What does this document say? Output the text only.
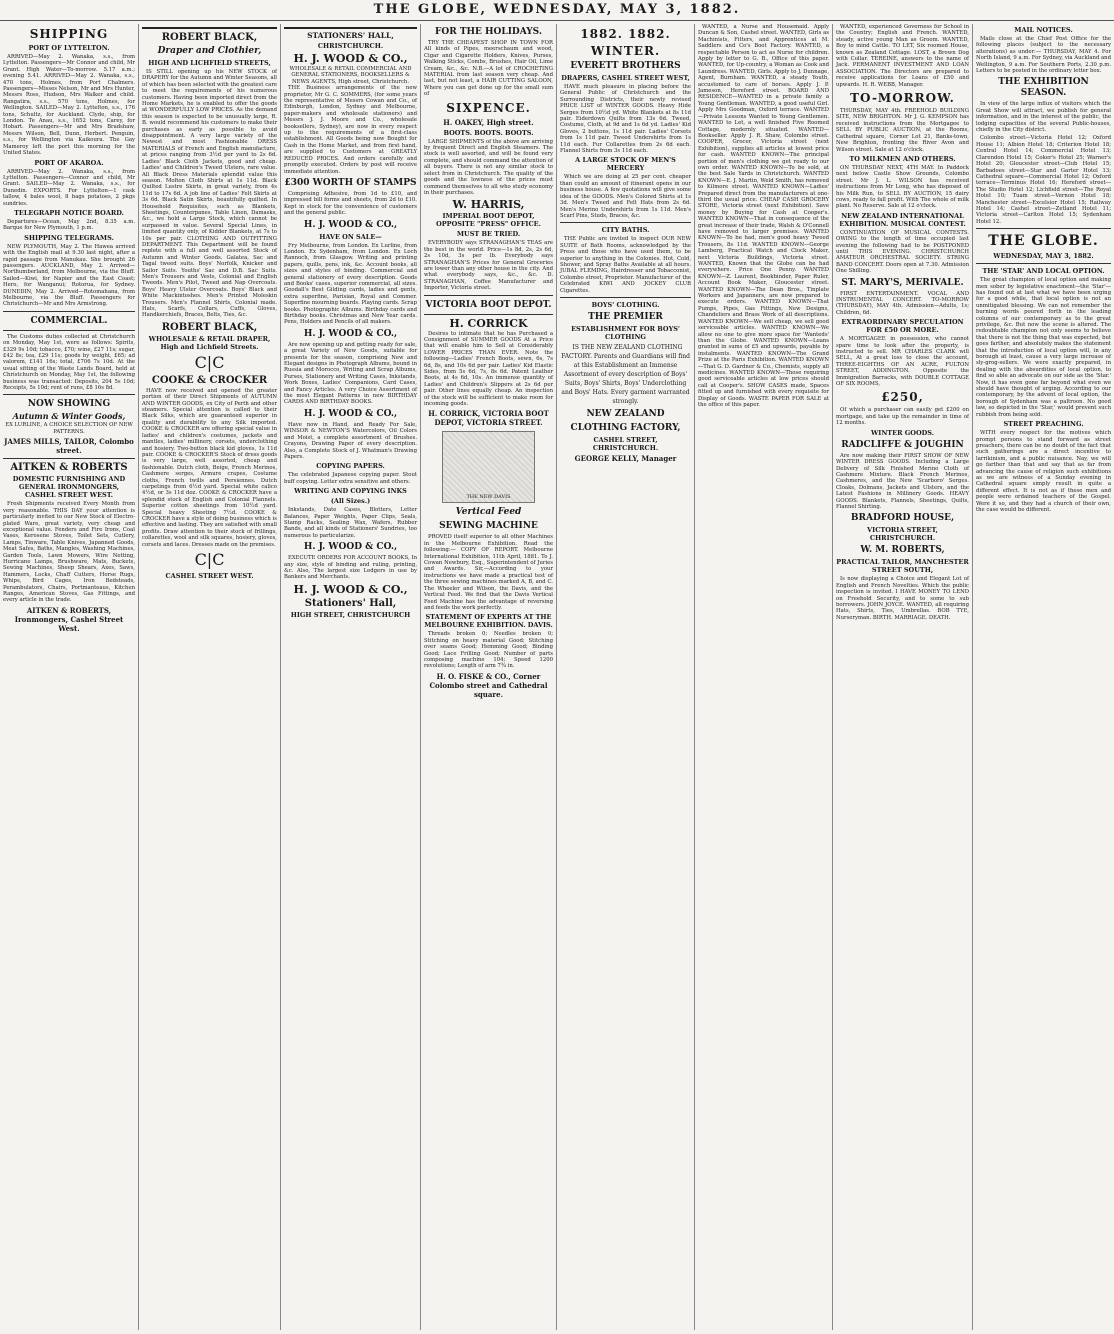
THE GLOBE, WEDNESDAY, MAY 3, 1882.
SHIPPING
PORT OF LYTTELTON.
ARRIVED—May 2. Wanaka, s.s., from Lyttelton. Passengers—Mr Connor and child, Mr Grant. High Water—To-morrow. 5.17 a.m.; evening 5.41. ARRIVED—May 2. Wanaka, s.s., 470 tons, Holmes, from Port Chalmers. Passengers—Misses Nelson, Mr and Mrs Hunter, Messrs Ross, Hudson, Mrs Walker and child. Rangatira, s.s., 570 tons, Holmes, for Wellington. SAILED—May 2. Lyttelton, s.s., 176 tons, Schultz, for Auckland. Clyde, ship, for London. Te Anau, s.s., 1652 tons, Carey, for Hobart. Passengers—Mr and Mrs Bradshaw, Messrs Wilson, Bell, Dunn, Herbert. Penguin, s.s., for Wellington via Kaikoura. The Gay Mameroy left the port this morning for the United States.
PORT OF AKAROA.
ARRIVED—May 2. Wanaka, s.s., from Lyttelton. Passengers—Connor and child, Mr Grant. SAILED—May 2. Wanaka, s.s., for Dunedin. EXPORTS. For Lyttelton—1 cask tallow, 4 bales wool, 8 bags potatoes, 2 pkgs sundries.
TELEGRAPH NOTICE BOARD.
Departures—Ocean, May 2nd, 8.35 a.m. Barque for New Plymouth, 1 p.m.
SHIPPING TELEGRAMS.
NEW PLYMOUTH, May 2. The Hawea arrived with the English mail at 9.30 last night, after a rapid passage from Manukau. She brought 26 passengers. AUCKLAND, May 2. Arrived—Northumberland, from Melbourne, via the Bluff. Sailed—Kiwi, for Napier and the East Coast; Hero, for Wanganui; Rotorua, for Sydney. DUNEDIN, May 2. Arrived—Rotomahana, from Melbourne, via the Bluff. Passengers for Christchurch—Mr and Mrs Armstrong.
COMMERCIAL.
The Customs duties collected at Christchurch on Monday, May 1st, were as follows: Spirits, £329 9s 10d; tobacco, £70; wine, £27 11s; sugar, £42 8s; tea, £29 11s; goods by weight, £65; ad valorem, £141 16s; total, £706 7s 10d. At the usual sitting of the Waste Lands Board, held at Christchurch on Monday, May 1st, the following business was transacted: Deposits, 204 5s 10d; Receipts, 5s 10d; rent of runs, £8 16s 8d.
NOW SHOWING
Autumn & Winter Goods,
EX LURLINE, A CHOICE SELECTION OF NEW PATTERNS.
JAMES MILLS, TAILOR, Colombo street.
AITKEN & ROBERTS
DOMESTIC FURNISHING AND GENERAL IRONMONGERS, CASHEL STREET WEST.
Fresh Shipments received Every Month from very reasonable. THIS DAY your attention is particularly invited to our New Stock of Electro-plated Ware, great variety, very cheap and exceptional value. Fenders and Fire Irons, Coal Vases, Kerosene Stoves, Toilet Sets, Cutlery, Lamps, Tinware, Table Knives, Japanned Goods, Meat Safes, Baths, Mangles, Washing Machines, Garden Tools, Lawn Mowers, Wire Netting, Hurricane Lamps, Brushware, Mats, Buckets, Sewing Machines, Sheep Shears, Axes, Saws, Hammers, Locks, Chaff Cutters, Horse Rugs, Whips, Bird Cages, Iron Bedsteads, Perambulators, Chairs, Portmanteaus, Kitchen Ranges, American Stoves, Gas Fittings, and every article in the trade.
AITKEN & ROBERTS, Ironmongers, Cashel Street West.
ROBERT BLACK,
Draper and Clothier,
HIGH AND LICHFIELD STREETS,
IS STILL opening up his NEW STOCK of DRAPERY for the Autumn and Winter Seasons, all of which has been selected with the greatest care to meet the requirements of his numerous customers. Having been imported direct from the Home Markets, he is enabled to offer the goods at WONDERFULLY LOW PRICES. As the demand this season is expected to be unusually large, R. B. would recommend his customers to make their purchases as early as possible to avoid disappointment. A very large variety of the Newest and most Fashionable DRESS MATERIALS of French and English manufacture, at prices ranging from 3½d per yard to 2s 6d. Ladies' Black Cloth Jackets, good and cheap. Ladies' and Children's Tweed Ulsters, rare value. All Black Dress Materials splendid value this season. Molton Cloth Shirts at 1s 11d. Black Quilted Lustre Skirts, in great variety, from 4s 11d to 17s 6d. A job line of Ladies' Felt Skirts at 3s 6d. Black Satin Skirts, beautifully quilted. In Household Requisites, such as Blankets, Sheetings, Counterpanes, Table Linen, Damasks, &c., we hold a Large Stock, which cannot be surpassed in value. Several Special Lines, in limited quantity only, of Kidder Blankets, at 7s to 10s per pair. CLOTHING AND OUTFITTING DEPARTMENT. This Department will be found replete with a full and well assorted Stock of Autumn and Winter Goods. Galatea, Sac and Tagal tweed suits. Boys' Norfolk, Knicker and Sailor Suits. Youths' Sac and D.B. Sac Suits. Men's Trousers and Vests, Colonial and English Tweeds. Men's Pilot, Tweed and Nap Overcoats. Boys' Heavy Ulster Overcoats. Boys' Black and White Mackintoshes. Men's Printed Moleskin Trousers. Men's Flannel Shirts, Colonial made. Hats, Scarfs, Collars, Cuffs, Gloves, Handkerchiefs, Braces, Belts, Ties, &c.
ROBERT BLACK,
WHOLESALE & RETAIL DRAPER, High and Lichfield Streets.
C|C
COOKE & CROCKER
HAVE now received and opened the greater portion of their Direct Shipments of AUTUMN AND WINTER GOODS, ex City of Perth and other steamers. Special attention is called to their Black Silks, which are guaranteed superior in quality and durability to any Silk imported. COOKE & CROCKER are offering special value in ladies' and children's costumes, jackets and mantles, ladies' millinery, corsets, underclothing and hosiery. Two-button black kid gloves, 1s 11d pair. COOKE & CROCKER'S Stock of dress goods is very large, well assorted, cheap and fashionable. Dutch cloth, Beige, French Merinos, Cashmere serges, Armure crapes, Costume cloths, French twills and Persiennes. Dutch carpetings from 6½d yard. Special white calico 4½d, or 3s 11d doz. COOKE & CROCKER have a splendid stock of English and Colonial Flannels. Superior cotton sheetings from 10½d yard. Special heavy Sheeting 7½d. COOKE & CROCKER have a style of doing business which is effective and lasting. They are satisfied with small profits. Draw attention to their stock of frillings, collarettes, wool and silk squares, hosiery, gloves, corsets and laces. Dresses made on the premises.
C|C
CASHEL STREET WEST.
STATIONERS' HALL,
CHRISTCHURCH.
H. J. WOOD & CO.,
WHOLESALE & RETAIL COMMERCIAL AND GENERAL STATIONERS, BOOKSELLERS & NEWS AGENTS, High street, Christchurch.
THE Business arrangements of the new proprietor, Mr G. C. SOMMERS, (for some years the representative of Messrs Cowan and Co., of Edinburgh, London, Sydney and Melbourne, paper-makers and wholesale stationers) and Messrs J. J. Moore and Co., wholesale booksellers, Sydney), are now in every respect up to the requirements of a first-class establishment. All Goods being now Bought for Cash in the Home Market, and from first hand, are supplied to Customers at GREATLY REDUCED PRICES. And orders carefully and promptly executed. Orders by post will receive immediate attention.
£300 WORTH OF STAMPS
Comprising Adhesive, from 1d to £10, and impressed bill forms and sheets, from 2d to £10. Kept in stock for the convenience of customers and the general public.
H. J. WOOD & CO.,
HAVE ON SALE—
Fry Melbourne, from London. Ex Lurline, from London. Ex Sydenham, from London. Ex Loch Rannoch, from Glasgow. Writing and printing papers, quills, pens, ink, &c. Account books, all sizes and styles of binding. Commercial and general stationery of every description. Goods and Books' cases, superior commercial, all sizes. Goodall's Best Gilding cards, ladies and gents, extra superfine, Parisian, Royal and Commer. Superfine mourning boards. Playing cards. Scrap books. Photographic Albums. Birthday cards and Birthday books. Christmas and New Year cards. Pens, Holders and Pencils of all makers.
H. J. WOOD & CO.,
Are now opening up and getting ready for sale, a great Variety of New Goods, suitable for presents for the season, comprising New and Elegant designs in Photograph Albums, bound in Russia and Morocco, Writing and Scrap Albums, Purses, Stationery and Writing Cases, Inkstands, Work Boxes, Ladies' Companions, Card Cases, and Fancy Articles. A very Choice Assortment of the most Elegant Patterns in new BIRTHDAY CARDS AND BIRTHDAY BOOKS.
H. J. WOOD & CO.,
Have now in Hand, and Ready For Sale, WINSOR & NEWTON'S Watercolors, Oil Colors and Moist, a complete assortment of Brushes. Crayons, Drawing Paper of every description. Also, a Complete Stock of J. Whatman's Drawing Papers.
COPYING PAPERS.
The celebrated Japanese copying paper. Stout buff copying. Letter extra sensitive and others.
WRITING AND COPYING INKS
(All Sizes.)
Inkstands, Date Cases, Blotters, Letter Balances, Paper Weights, Paper Clips, Seals, Stamp Racks, Sealing Wax, Wafers, Rubber Bands, and all kinds of Stationers' Sundries, too numerous to particularize.
H. J. WOOD & CO.,
EXECUTE ORDERS FOR ACCOUNT BOOKS, In any size, style of binding and ruling, printing, &c. Also, The largest size Ledgers in use by Bankers and Merchants.
H. J. WOOD & CO.,
Stationers' Hall,
HIGH STREET, CHRISTCHURCH
FOR THE HOLIDAYS.
TRY THE CHEAPEST SHOP IN TOWN FOR All kinds of Pipes, meerschaum and wood, Cigar and Cigarette Holders, Knives, Purses, Walking Sticks, Combs, Brushes, Hair Oil, Lime Cream, &c., &c. N.B.—A lot of CROCHETING MATERIAL from last season very cheap. And last, but not least, a HAIR CUTTING SALOON, Where you can get done up for the small sum of
SIXPENCE.
H. OAKEY, High street.
BOOTS. BOOTS. BOOTS.
LARGE SHIPMENTS of the above are arriving by frequent Direct and English Steamers. The stock is well assorted, and will be found very complete, and should command the attention of all buyers. There is not any similar stock to select from in Christchurch. The quality of the goods and the lowness of the prices must commend themselves to all who study economy in their purchases.
W. HARRIS,
IMPERIAL BOOT DEPOT, OPPOSITE "PRESS" OFFICE.
MUST BE TRIED.
EVERYBODY says STRANAGHAN'S TEAS are the best in the world. Price—1s 8d, 2s, 2s 6d, 2s 10d, 3s per lb. Everybody says STRANAGHAN'S Prices for General Groceries are lower than any other house in the city. And what everybody says, &c., &c. D. STRANAGHAN, Coffee Manufacturer and Importer, Victoria street.
VICTORIA BOOT DEPOT.
H. CORRICK
Desires to intimate that he has Purchased a Consignment of SUMMER GOODS At a Price that will enable him to Sell at Considerably LOWER PRICES THAN EVER. Note the following—Ladies' French Boots, sewn, 6s, 7s 6d, 8s, and 10s 6d per pair. Ladies' Kid Elastic Sides, from 5s 6d, 7s, 8s 6d. Patent Leather Boots, at 4s 6d, 10s. An immense quantity of Ladies' and Children's Slippers at 2s 6d per pair. Other lines equally cheap. An inspection of the stock will be sufficient to make room for incoming goods.
H. CORRICK, VICTORIA BOOT DEPOT, VICTORIA STREET.
THE NEW DAVIS
Vertical Feed
SEWING MACHINE
PROVED itself superior to all other Machines in the Melbourne Exhibition. Read the following:— COPY OF REPORT. Melbourne International Exhibition, 11th April, 1881. To J. Cowan Newbury, Esq., Superintendent of Juries and Awards. Sir,—According to your instructions we have made a practical test of the three sewing machines marked A, B, and C. The Wheeler and Wilson, the Davis, and the Vertical Feed. We find that the Davis Vertical Feed Machine has the advantage of reversing and feeds the work perfectly.
STATEMENT OF EXPERTS AT THE MELBOURNE EXHIBITION. DAVIS.
Threads broken 0; Needles broken 0; Stitching on heavy material Good; Stitching over seams Good; Hemming Good; Binding Good; Lace Frilling Good; Number of parts composing machine 104; Speed 1200 revolutions; Length of arm 7¾ in.
H. O. FISKE & CO., Corner Colombo street and Cathedral square.
1882. 1882.
WINTER.
EVERETT BROTHERS
DRAPERS, CASHEL STREET WEST,
HAVE much pleasure in placing before the General Public of Christchurch and the Surrounding Districts, their newly revised PRICE LIST of WINTER GOODS. Heavy Hide Serges from 10½d yd. White Blankets at 8s 11d pair. Eiderdown Quilts from 13s 6d. Tweed, Costume, Cloth, at 9d and 1s 6d yd. Ladies' Kid Gloves, 2 buttons, 1s 11d pair. Ladies' Corsets from 1s 11d pair. Tweed Undershirts from 1s 11d each. Fur Collarettes from 2s 6d each. Flannel Shirts from 3s 11d each.
A LARGE STOCK OF MEN'S MERCERY
Which we are doing at 25 per cent. cheaper than could an amount of itinerant opens in our business house. A few quotations will give some idea of the GOODS. Men's Colored Shirts at 1s 3d. Men's Tweed and Felt Hats from 2s 6d. Men's Merino Undershirts from 1s 11d. Men's Scarf Pins, Studs, Braces, &c.
CITY BATHS.
THE Public are invited to inspect OUR NEW SUITE of Bath Rooms, acknowledged by the Press and those who have used them, to be superior to anything in the Colonies. Hot, Cold, Shower, and Spray Baths Available at all hours. JUBAL FLEMING, Hairdresser and Tobacconist, Colombo street, Proprietor. Manufacturer of the Celebrated KIWI AND JOCKEY CLUB Cigarettes.
BOYS' CLOTHING.
THE PREMIER
ESTABLISHMENT FOR BOYS' CLOTHING
IS THE NEW ZEALAND CLOTHING FACTORY. Parents and Guardians will find at this Establishment an Immense Assortment of every description of Boys' Suits, Boys' Shirts, Boys' Underclothing and Boys' Hats. Every garment warranted strongly.
NEW ZEALAND
CLOTHING FACTORY,
CASHEL STREET, CHRISTCHURCH.
GEORGE KELLY, Manager
WANTED, a Nurse and Housemaid. Apply Duncan & Son, Cashel street. WANTED, Girls as Machinists, Fitters, and Apprentices at M. Saddlers and Co's Boot Factory. WANTED, a respectable Person to act as Nurse for children. Apply by letter to G. B., Office of this paper. WANTED, for Up-country, a Woman as Cook and Laundress. WANTED, Girls. Apply to J. Dunnage, Agent, Burnham. WANTED, a steady Youth, accustomed to care of horses. Apply J. P. Jameson, Hereford street. BOARD AND RESIDENCE—WANTED in a private family a Young Gentleman. WANTED, a good useful Girl. Apply Mrs Goodman, Oxford terrace. WANTED—Private Lessons Wanted to Young Gentlemen. WANTED to Let, a well finished Five Roomed Cottage, modernly situated. WANTED—Bookseller. Apply J. R. Shaw, Colombo street. COOPER, Grocer, Victoria street (next Exhibition), supplies all articles at lowest price for cash. WANTED KNOWN—The principal portion of men's clothing we get ready to our own order. WANTED KNOWN—To be sold, at the best Sale Yards in Christchurch. WANTED KNOWN—E. J. Martin, Weld Smith, has removed to Kilmore street. WANTED KNOWN—Ladies' Prepared direct from the manufacturers at one-third the usual price. CHEAP CASH GROCERY STORE, Victoria street (next Exhibition). Save money by Buying for Cash at Cooper's. WANTED KNOWN—That in consequence of the great increase of their trade, Walsh & O'Connell have removed to larger premises. WANTED KNOWN—To be had, men's good heavy Tweed Trousers, 8s 11d. WANTED KNOWN—George Lamberg, Practical Watch and Clock Maker, next Victoria Buildings, Victoria street. WANTED, Known that the Globe can be had everywhere. Price One Penny. WANTED KNOWN—Z. Laurent, Bookbinder, Paper Ruler, Account Book Maker, Gloucester street. WANTED KNOWN—The Dean Bros., Tinplate Workers and Japanners, are now prepared to execute orders. WANTED KNOWN—That Pumps, Pipes, Gas Fittings, New Designs, Chandeliers and Brass Work of all descriptions. WANTED KNOWN—We sell cheap, we sell good serviceable articles. WANTED KNOWN—We allow no one to give more space for 'Wanteds' than the Globe. WANTED KNOWN—Loans granted in sums of £5 and upwards, payable by instalments. WANTED KNOWN—The Grand Prize at the Paris Exhibition. WANTED KNOWN—That G. D. Gardner & Co., Chemists, supply all medicines. WANTED KNOWN—Those requiring good serviceable articles at low prices should call at Cooper's. SHOW CASES made, Spaces fitted up and furnished with every requisite for Display of Goods. WASTE PAPER FOR SALE at the office of this paper.
WANTED, experienced Governess for School in the Country; English and French. WANTED, steady, active young Man as Groom. WANTED, Boy to mind Cattle. TO LET, Six roomed House, known as Zealand Cottage. LOST, a Brown Dog with Collar. TEREINE, answers to the name of Jack. PERMANENT INVESTMENT AND LOAN ASSOCIATION. The Directors are prepared to receive applications for Loans of £50 and upwards. H. R. WEBB, Manager.
TO-MORROW.
THURSDAY, MAY 4th. FREEHOLD BUILDING SITE, NEW BRIGHTON. Mr J. G. KEMPSON has received instructions from the Mortgagee to SELL BY PUBLIC AUCTION, at the Rooms, Cathedral square, Corner Lot 21, Banks-town, New Brighton, fronting the River Avon and Wilson street. Sale at 12 o'clock.
TO MILKMEN AND OTHERS.
ON THURSDAY NEXT, 4TH MAY. In Paddock next below Castle Show Grounds, Colombo street. Mr J. L. WILSON has received instructions from Mr Long, who has disposed of his Milk Run, to SELL BY AUCTION, 15 dairy cows, ready to fall profit. With The whole of milk plant. No Reserve. Sale at 12 o'clock.
NEW ZEALAND INTERNATIONAL EXHIBITION. MUSICAL CONTEST.
CONTINUATION OF MUSICAL CONTESTS. OWING to the length of time occupied last evening the following had to be POSTPONED until THIS EVENING. CHRISTCHURCH AMATEUR ORCHESTRAL SOCIETY. STRING BAND CONCERT. Doors open at 7.30. Admission One Shilling.
ST. MARY'S, MERIVALE.
FIRST ENTERTAINMENT. VOCAL AND INSTRUMENTAL CONCERT. TO-MORROW (THURSDAY), MAY 4th. Admission—Adults, 1s; Children, 6d.
EXTRAORDINARY SPECULATION FOR £50 OR MORE.
A MORTGAGEE in possession, who cannot spare time to look after the property, is instructed to sell. MR CHARLES CLARK will SELL, At a great loss to close the account, THREE-EIGHTHS OF AN ACRE, FULTON STREET, ADDINGTON. Opposite the Immigration Barracks, with DOUBLE COTTAGE OF SIX ROOMS,
£250,
Of which a purchaser can easily get £200 on mortgage, and take up the remainder in time of 12 months.
WINTER GOODS.
RADCLIFFE & JOUGHIN
Are now making their FIRST SHOW OF NEW WINTER DRESS GOODS. Including a Large Delivery of Silk Finished Merino Cloth of Cashmere Mixture. Black French Merinos, Cashmeres, and the New 'Scarboro' Serges. Cloaks, Dolmans, Jackets and Ulsters, and the Latest Fashions in Millinery Goods. HEAVY GOODS. Blankets, Flannels, Sheetings, Quilts, Flannel Shirting.
BRADFORD HOUSE,
VICTORIA STREET, CHRISTCHURCH.
W. M. ROBERTS,
PRACTICAL TAILOR, MANCHESTER STREET SOUTH,
Is now displaying a Choice and Elegant Lot of English and French Novelties. Which the public inspection is invited. I HAVE MONEY TO LEND on Freehold Security, and to some to sub borrowers. JOHN JOYCE. WANTED, all requiring Hats, Shirts, Ties, Umbrellas. BOB TYE, Nurseryman. BIRTH. MARRIAGE. DEATH.
MAIL NOTICES.
Mails close at the Chief Post Office for the following places (subject to the necessary alterations) as under:— THURSDAY, MAY 4. For North Island, 9 a.m. For Sydney, via Auckland and Wellington, 9 a.m. For Southern Ports, 2.30 p.m. Letters to be posted in the ordinary letter box.
THE EXHIBITION SEASON.
In view of the large influx of visitors which the Great Show will attract, we publish for general information, and in the interest of the public, the lodging capacities of the several Public-houses, chiefly in the City district.
Colombo street—Victoria Hotel 12; Oxford House 11; Albion Hotel 18; Criterion Hotel 18; Central Hotel 14; Commercial Hotel 13; Clarendon Hotel 15; Coker's Hotel 25; Warner's Hotel 20; Gloucester street—Club Hotel 15; Barbadoes street—Star and Garter Hotel 13; Cathedral square—Commercial Hotel 12; Oxford terrace—Terminus Hotel 16; Hereford street—The Studio Hotel 12; Lichfield street—The Royal Hotel 10; Tuam street—Vernon Hotel 18; Manchester street—Excelsior Hotel 15; Railway Hotel 14; Cashel street—Zetland Hotel 11; Victoria street—Carlton Hotel 15; Sydenham Hotel 12.
THE GLOBE.
WEDNESDAY, MAY 3, 1882.
THE 'STAR' AND LOCAL OPTION.
The great champion of local option and making men sober by legislative enactment—the 'Star'—has found out at last what we have been urging for a good while, that local option is not an unmitigated blessing. We can not remember the burning words poured forth in the leading columns of our contemporary as to the great privilege, &c. But now the scene is altered. The redoubtable champion not only seems to believe that there is not the thing that was expected, but goes farther, and absolutely makes the statement that the introduction of local option will, in any borough at least, cause a very large increase of sly-grog-sellers. We were exactly prepared, in dealing with the absurdities of local option, to find so able an advocate on our side as the 'Star.' Now, it has even gone far beyond what even we should have thought of urging. According to our contemporary, by the advent of local option, the borough of Sydenham was a paltroon. No good law, so depicted in the 'Star,' would prevent such rubbish from being sold.
STREET PREACHING.
WITH every respect for the motives which prompt persons to stand forward as street preachers, there can be no doubt of the fact that such gatherings are a direct incentive to larrikinism, and a public nuisance. Nay, we will go farther than that and say that as far from advancing the cause of religion such exhibitions as we are witness of a Sunday evening in Cathedral square simply result in quite a different effect. It is not as if these men and people were ordained teachers of the Gospel. Were it so, and they had a church of their own, the case would be different.
